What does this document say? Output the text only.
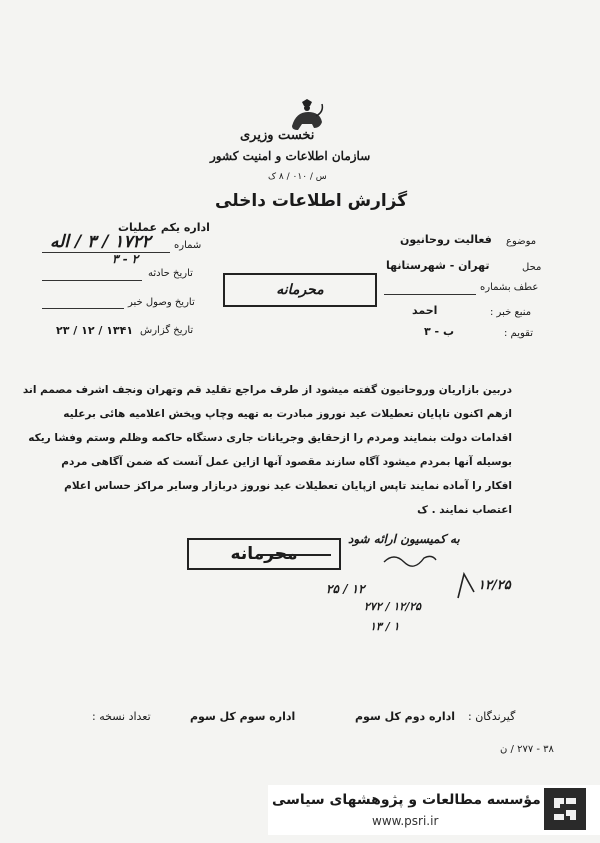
نخست وزیری
سازمان اطلاعات و امنیت کشور
س / ۰۱۰ / ۸ ک
گزارش اطلاعات داخلی
اداره یکم عملیات
شماره
۱۷۲۲ / ۳ / اله
۳ - ۲
تاریخ حادثه
تاریخ وصول خبر
تاریخ گزارش
۲۳ / ۱۲ / ۱۳۴۱
محرمانه
موضوع
فعالیت روحانیون
محل
تهران - شهرستانها
عطف بشماره
منبع خبر :
احمد
تقویم :
ب - ۳
دربین بازاریان وروحانیون گفته میشود از طرف مراجع تقلید قم وتهران ونجف اشرف مصمم اند
ازهم اکنون تاپایان تعطیلات عید نوروز مبادرت به تهیه وچاپ وپخش اعلامیه هائی برعلیه
اقدامات دولت بنمایند ومردم را ازحقایق وجریانات جاری دستگاه حاکمه وظلم وستم وفشا ریکه
بوسیله آنها بمردم میشود آگاه سازند مقصود آنها ازاین عمل آنست که ضمن آگاهی مردم
افکار را آماده نمایند تاپس ازپایان تعطیلات عید نوروز دربازار وسایر مراکز حساس اعلام
اعتصاب نمایند . ک
محرمانه
به کمیسیون ارائه شود
۱۲/۲۵
۲۵ / ۱۲
۲۷۲ / ۱۲/۲۵
۱۳ / ۱
گیرندگان :
اداره دوم کل سوم
اداره سوم کل سوم
تعداد نسخه :
۳۸ - ۲۷۷ / ن
مؤسسه مطالعات و پژوهشهای سیاسی
www.psri.ir
